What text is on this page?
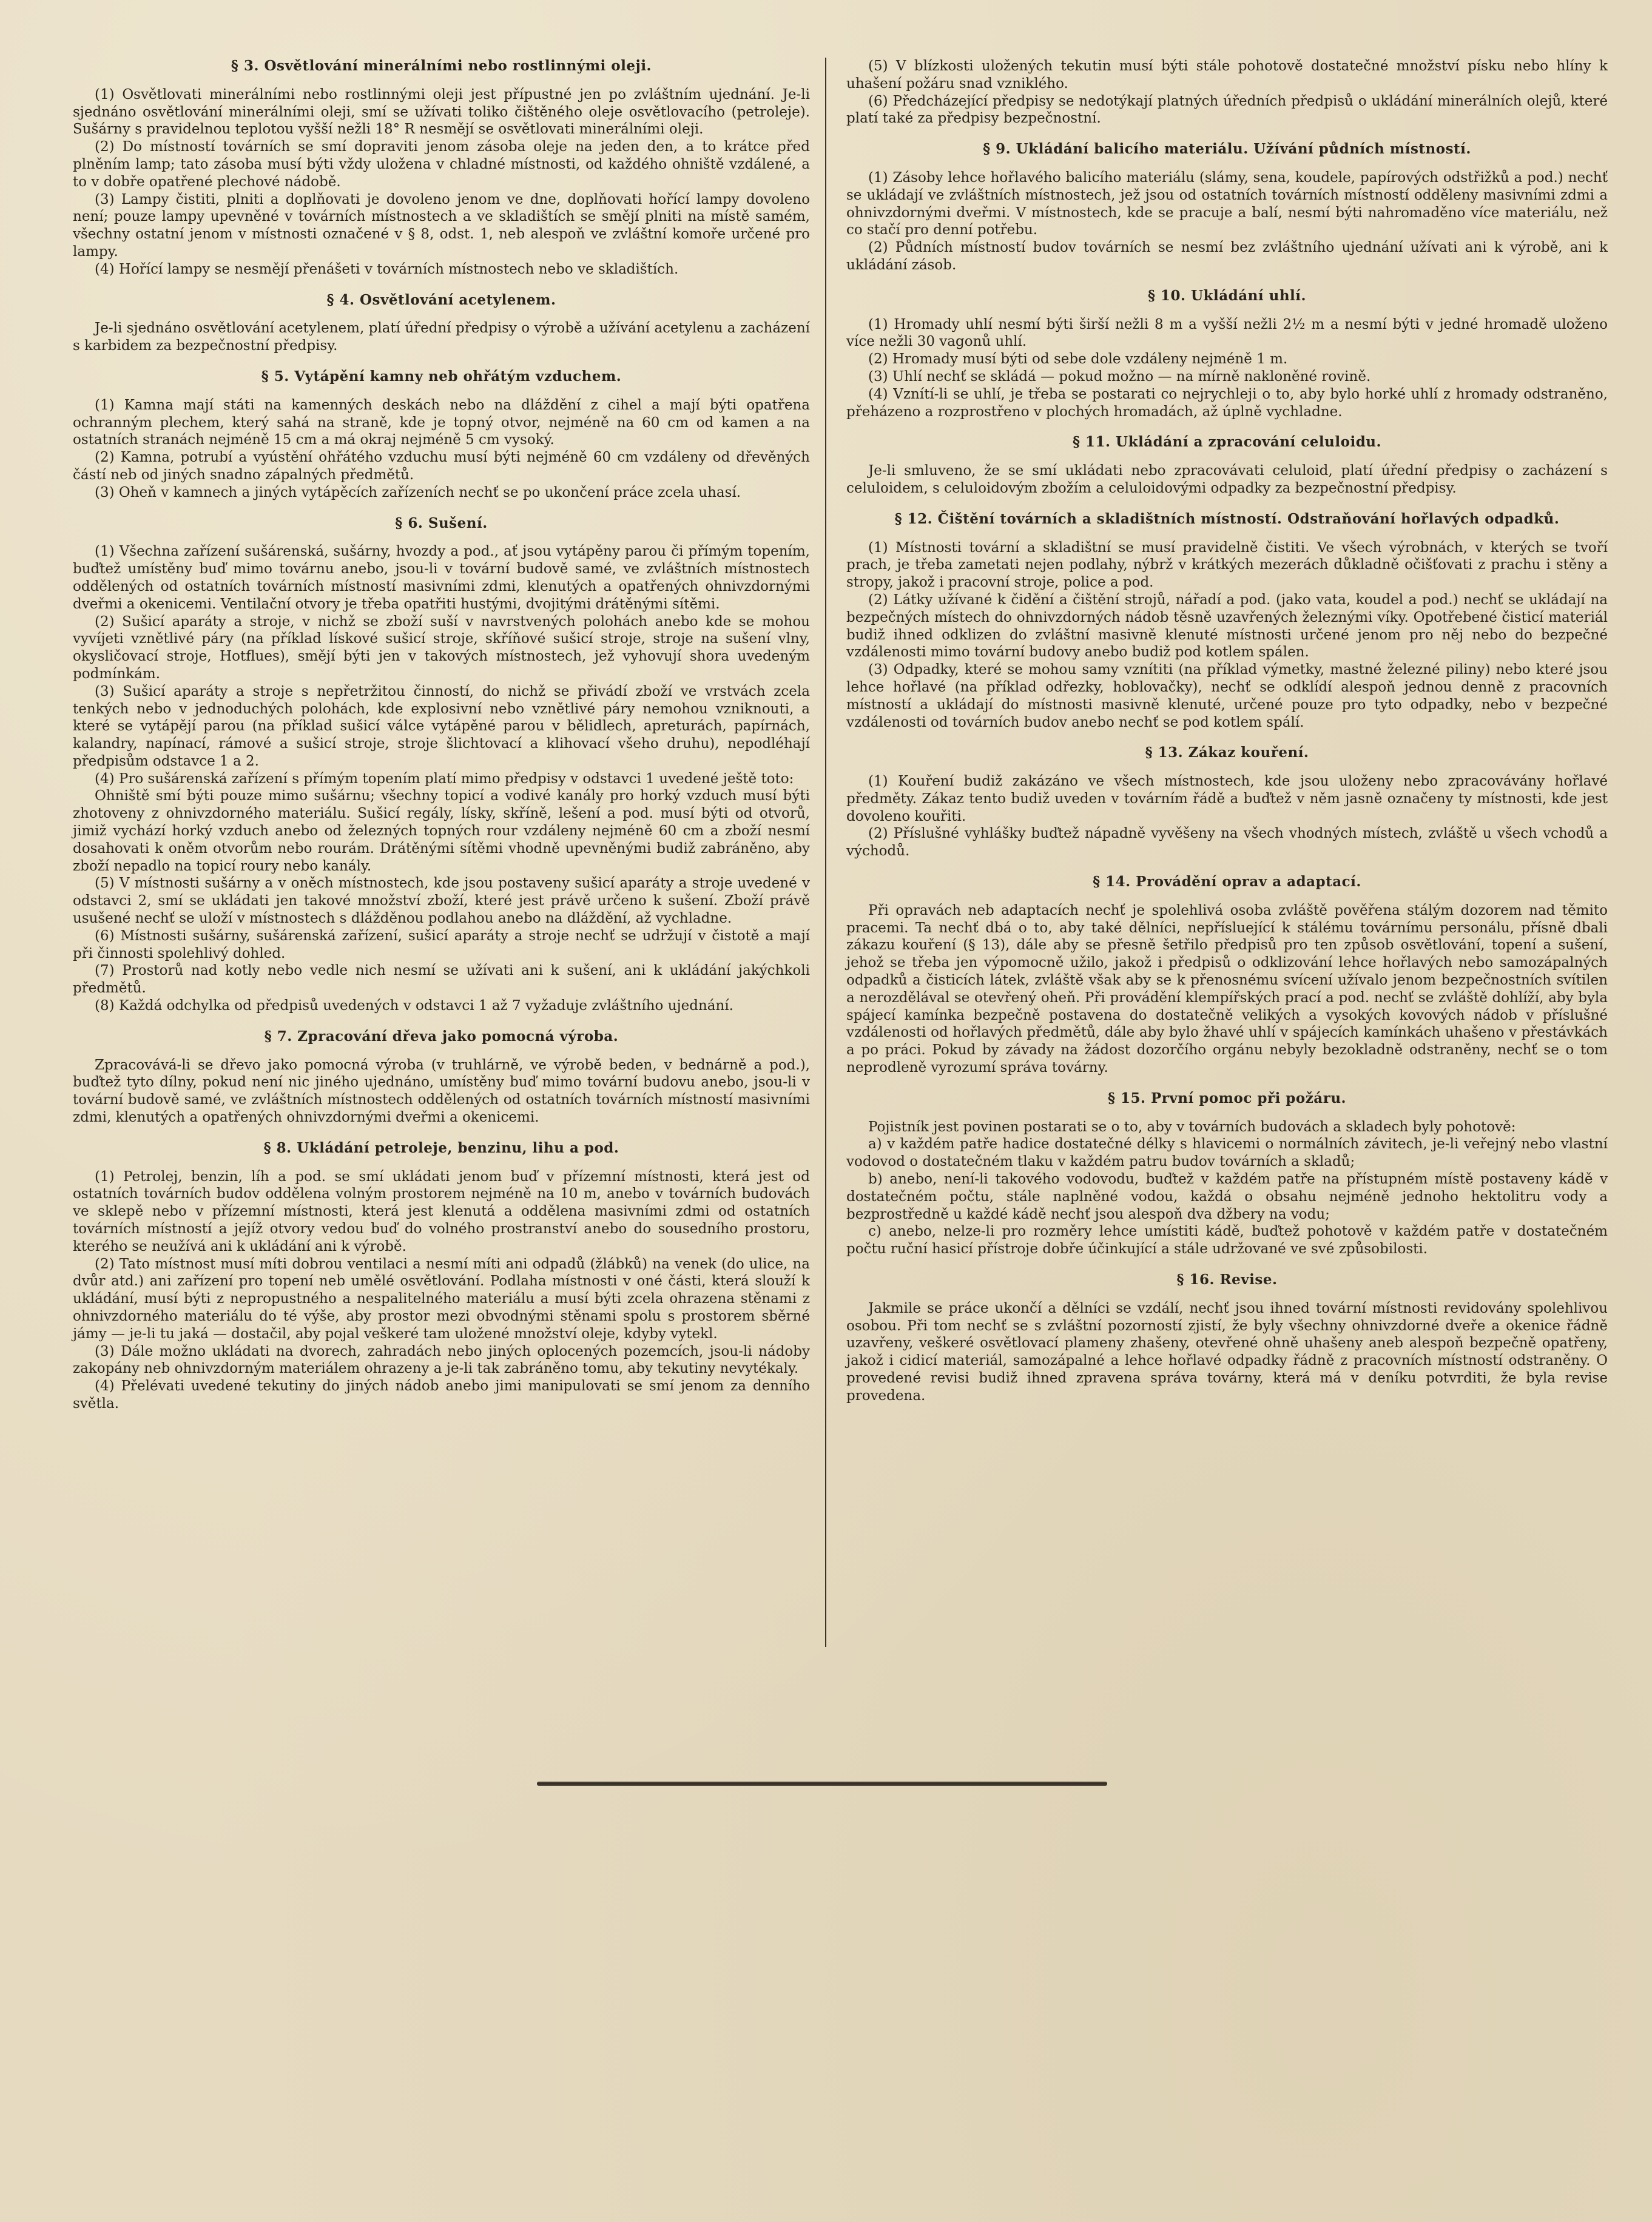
§ 3. Osvětlování minerálními nebo rostlinnými oleji.

(1) Osvětlovati minerálními nebo rostlinnými oleji jest přípustné jen po zvláštním ujednání. Je-li sjednáno osvětlování minerálními oleji, smí se užívati toliko čištěného oleje osvětlovacího (petroleje). Sušárny s pravidelnou teplotou vyšší nežli 18° R nesmějí se osvětlovati minerálními oleji.

(2) Do místností továrních se smí dopraviti jenom zásoba oleje na jeden den, a to krátce před plněním lamp; tato zásoba musí býti vždy uložena v chladné místnosti, od každého ohniště vzdálené, a to v dobře opatřené plechové nádobě.

(3) Lampy čistiti, plniti a doplňovati je dovoleno jenom ve dne, doplňovati hořící lampy dovoleno není; pouze lampy upevněné v továrních místnostech a ve skladištích se smějí plniti na místě samém, všechny ostatní jenom v místnosti označené v § 8, odst. 1, neb alespoň ve zvláštní komoře určené pro lampy.

(4) Hořící lampy se nesmějí přenášeti v továrních místnostech nebo ve skladištích.

§ 4. Osvětlování acetylenem.

Je-li sjednáno osvětlování acetylenem, platí úřední předpisy o výrobě a užívání acetylenu a zacházení s karbidem za bezpečnostní předpisy.

§ 5. Vytápění kamny neb ohřátým vzduchem.

(1) Kamna mají státi na kamenných deskách nebo na dláždění z cihel a mají býti opatřena ochranným plechem, který sahá na straně, kde je topný otvor, nejméně na 60 cm od kamen a na ostatních stranách nejméně 15 cm a má okraj nejméně 5 cm vysoký.

(2) Kamna, potrubí a vyústění ohřátého vzduchu musí býti nejméně 60 cm vzdáleny od dřevěných částí neb od jiných snadno zápalných předmětů.

(3) Oheň v kamnech a jiných vytápěcích zařízeních nechť se po ukončení práce zcela uhasí.

§ 6. Sušení.

(1) Všechna zařízení sušárenská, sušárny, hvozdy a pod., ať jsou vytápěny parou či přímým topením, buďtež umístěny buď mimo továrnu anebo, jsou-li v tovární budově samé, ve zvláštních místnostech oddělených od ostatních továrních místností masivními zdmi, klenutých a opatřených ohnivzdornými dveřmi a okenicemi. Ventilační otvory je třeba opatřiti hustými, dvojitými drátěnými sítěmi.

(2) Sušicí aparáty a stroje, v nichž se zboží suší v navrstvených polohách anebo kde se mohou vyvíjeti vznětlivé páry (na příklad lískové sušicí stroje, skříňové sušicí stroje, stroje na sušení vlny, okysličovací stroje, Hotflues), smějí býti jen v takových místnostech, jež vyhovují shora uvedeným podmínkám.

(3) Sušicí aparáty a stroje s nepřetržitou činností, do nichž se přivádí zboží ve vrstvách zcela tenkých nebo v jednoduchých polohách, kde explosivní nebo vznětlivé páry nemohou vzniknouti, a které se vytápějí parou (na příklad sušicí válce vytápěné parou v bělidlech, apreturách, papírnách, kalandry, napínací, rámové a sušicí stroje, stroje šlichtovací a klihovací všeho druhu), nepodléhají předpisům odstavce 1 a 2.

(4) Pro sušárenská zařízení s přímým topením platí mimo předpisy v odstavci 1 uvedené ještě toto:

Ohniště smí býti pouze mimo sušárnu; všechny topicí a vodivé kanály pro horký vzduch musí býti zhotoveny z ohnivzdorného materiálu. Sušicí regály, lísky, skříně, lešení a pod. musí býti od otvorů, jimiž vychází horký vzduch anebo od železných topných rour vzdáleny nejméně 60 cm a zboží nesmí dosahovati k oněm otvorům nebo rourám. Drátěnými sítěmi vhodně upevněnými budiž zabráněno, aby zboží nepadlo na topicí roury nebo kanály.

(5) V místnosti sušárny a v oněch místnostech, kde jsou postaveny sušicí aparáty a stroje uvedené v odstavci 2, smí se ukládati jen takové množství zboží, které jest právě určeno k sušení. Zboží právě usušené nechť se uloží v místnostech s dlážděnou podlahou anebo na dláždění, až vychladne.

(6) Místnosti sušárny, sušárenská zařízení, sušicí aparáty a stroje nechť se udržují v čistotě a mají při činnosti spolehlivý dohled.

(7) Prostorů nad kotly nebo vedle nich nesmí se užívati ani k sušení, ani k ukládání jakýchkoli předmětů.

(8) Každá odchylka od předpisů uvedených v odstavci 1 až 7 vyžaduje zvláštního ujednání.

§ 7. Zpracování dřeva jako pomocná výroba.

Zpracovává-li se dřevo jako pomocná výroba (v truhlárně, ve výrobě beden, v bednárně a pod.), buďtež tyto dílny, pokud není nic jiného ujednáno, umístěny buď mimo tovární budovu anebo, jsou-li v tovární budově samé, ve zvláštních místnostech oddělených od ostatních továrních místností masivními zdmi, klenutých a opatřených ohnivzdornými dveřmi a okenicemi.

§ 8. Ukládání petroleje, benzinu, lihu a pod.

(1) Petrolej, benzin, líh a pod. se smí ukládati jenom buď v přízemní místnosti, která jest od ostatních továrních budov oddělena volným prostorem nejméně na 10 m, anebo v továrních budovách ve sklepě nebo v přízemní místnosti, která jest klenutá a oddělena masivními zdmi od ostatních továrních místností a jejíž otvory vedou buď do volného prostranství anebo do sousedního prostoru, kterého se neužívá ani k ukládání ani k výrobě.

(2) Tato místnost musí míti dobrou ventilaci a nesmí míti ani odpadů (žlábků) na venek (do ulice, na dvůr atd.) ani zařízení pro topení neb umělé osvětlování. Podlaha místnosti v oné části, která slouží k ukládání, musí býti z nepropustného a nespalitelného materiálu a musí býti zcela ohrazena stěnami z ohnivzdorného materiálu do té výše, aby prostor mezi obvodnými stěnami spolu s prostorem sběrné jámy — je-li tu jaká — dostačil, aby pojal veškeré tam uložené množství oleje, kdyby vytekl.

(3) Dále možno ukládati na dvorech, zahradách nebo jiných oplocených pozemcích, jsou-li nádoby zakopány neb ohnivzdorným materiálem ohrazeny a je-li tak zabráněno tomu, aby tekutiny nevytékaly.

(4) Přelévati uvedené tekutiny do jiných nádob anebo jimi manipulovati se smí jenom za denního světla.

(5) V blízkosti uložených tekutin musí býti stále pohotově dostatečné množství písku nebo hlíny k uhašení požáru snad vzniklého.

(6) Předcházející předpisy se nedotýkají platných úředních předpisů o ukládání minerálních olejů, které platí také za předpisy bezpečnostní.

§ 9. Ukládání balicího materiálu. Užívání půdních místností.

(1) Zásoby lehce hořlavého balicího materiálu (slámy, sena, koudele, papírových odstřižků a pod.) nechť se ukládají ve zvláštních místnostech, jež jsou od ostatních továrních místností odděleny masivními zdmi a ohnivzdornými dveřmi. V místnostech, kde se pracuje a balí, nesmí býti nahromaděno více materiálu, než co stačí pro denní potřebu.

(2) Půdních místností budov továrních se nesmí bez zvláštního ujednání užívati ani k výrobě, ani k ukládání zásob.

§ 10. Ukládání uhlí.

(1) Hromady uhlí nesmí býti širší nežli 8 m a vyšší nežli 2½ m a nesmí býti v jedné hromadě uloženo více nežli 30 vagonů uhlí.

(2) Hromady musí býti od sebe dole vzdáleny nejméně 1 m.

(3) Uhlí nechť se skládá — pokud možno — na mírně nakloněné rovině.

(4) Vznítí-li se uhlí, je třeba se postarati co nejrychleji o to, aby bylo horké uhlí z hromady odstraněno, přeházeno a rozprostřeno v plochých hromadách, až úplně vychladne.

§ 11. Ukládání a zpracování celuloidu.

Je-li smluveno, že se smí ukládati nebo zpracovávati celuloid, platí úřední předpisy o zacházení s celuloidem, s celuloidovým zbožím a celuloidovými odpadky za bezpečnostní předpisy.

§ 12. Čištění továrních a skladištních místností. Odstraňování hořlavých odpadků.

(1) Místnosti tovární a skladištní se musí pravidelně čistiti. Ve všech výrobnách, v kterých se tvoří prach, je třeba zametati nejen podlahy, nýbrž v krátkých mezerách důkladně očišťovati z prachu i stěny a stropy, jakož i pracovní stroje, police a pod.

(2) Látky užívané k čidění a čištění strojů, nářadí a pod. (jako vata, koudel a pod.) nechť se ukládají na bezpečných místech do ohnivzdorných nádob těsně uzavřených železnými víky. Opotřebené čisticí materiál budiž ihned odklizen do zvláštní masivně klenuté místnosti určené jenom pro něj nebo do bezpečné vzdálenosti mimo tovární budovy anebo budiž pod kotlem spálen.

(3) Odpadky, které se mohou samy vznítiti (na příklad výmetky, mastné železné piliny) nebo které jsou lehce hořlavé (na příklad odřezky, hoblovačky), nechť se odklídí alespoň jednou denně z pracovních místností a ukládají do místnosti masivně klenuté, určené pouze pro tyto odpadky, nebo v bezpečné vzdálenosti od továrních budov anebo nechť se pod kotlem spálí.

§ 13. Zákaz kouření.

(1) Kouření budiž zakázáno ve všech místnostech, kde jsou uloženy nebo zpracovávány hořlavé předměty. Zákaz tento budiž uveden v továrním řádě a buďtež v něm jasně označeny ty místnosti, kde jest dovoleno kouřiti.

(2) Příslušné vyhlášky buďtež nápadně vyvěšeny na všech vhodných místech, zvláště u všech vchodů a východů.

§ 14. Provádění oprav a adaptací.

Při opravách neb adaptacích nechť je spolehlivá osoba zvláště pověřena stálým dozorem nad těmito pracemi. Ta nechť dbá o to, aby také dělníci, nepřísluející k stálému továrnímu personálu, přísně dbali zákazu kouření (§ 13), dále aby se přesně šetřilo předpisů pro ten způsob osvětlování, topení a sušení, jehož se třeba jen výpomocně užilo, jakož i předpisů o odklizování lehce hořlavých nebo samozápalných odpadků a čisticích látek, zvláště však aby se k přenosnému svícení užívalo jenom bezpečnostních svítilen a nerozdělával se otevřený oheň. Při provádění klempířských prací a pod. nechť se zvláště dohlíží, aby byla spájecí kamínka bezpečně postavena do dostatečně velikých a vysokých kovových nádob v příslušné vzdálenosti od hořlavých předmětů, dále aby bylo žhavé uhlí v spájecích kamínkách uhašeno v přestávkách a po práci. Pokud by závady na žádost dozorčího orgánu nebyly bezokladně odstraněny, nechť se o tom neprodleně vyrozumí správa továrny.

§ 15. První pomoc při požáru.

Pojistník jest povinen postarati se o to, aby v továrních budovách a skladech byly pohotově:

a) v každém patře hadice dostatečné délky s hlavicemi o normálních závitech, je-li veřejný nebo vlastní vodovod o dostatečném tlaku v každém patru budov továrních a skladů;

b) anebo, není-li takového vodovodu, buďtež v každém patře na přístupném místě postaveny kádě v dostatečném počtu, stále naplněné vodou, každá o obsahu nejméně jednoho hektolitru vody a bezprostředně u každé kádě nechť jsou alespoň dva džbery na vodu;

c) anebo, nelze-li pro rozměry lehce umístiti kádě, buďtež pohotově v každém patře v dostatečném počtu ruční hasicí přístroje dobře účinkující a stále udržované ve své způsobilosti.

§ 16. Revise.

Jakmile se práce ukončí a dělníci se vzdálí, nechť jsou ihned tovární místnosti revidovány spolehlivou osobou. Při tom nechť se s zvláštní pozorností zjistí, že byly všechny ohnivzdorné dveře a okenice řádně uzavřeny, veškeré osvětlovací plameny zhašeny, otevřené ohně uhašeny aneb alespoň bezpečně opatřeny, jakož i cidicí materiál, samozápalné a lehce hořlavé odpadky řádně z pracovních místností odstraněny. O provedené revisi budiž ihned zpravena správa továrny, která má v deníku potvrditi, že byla revise provedena.
